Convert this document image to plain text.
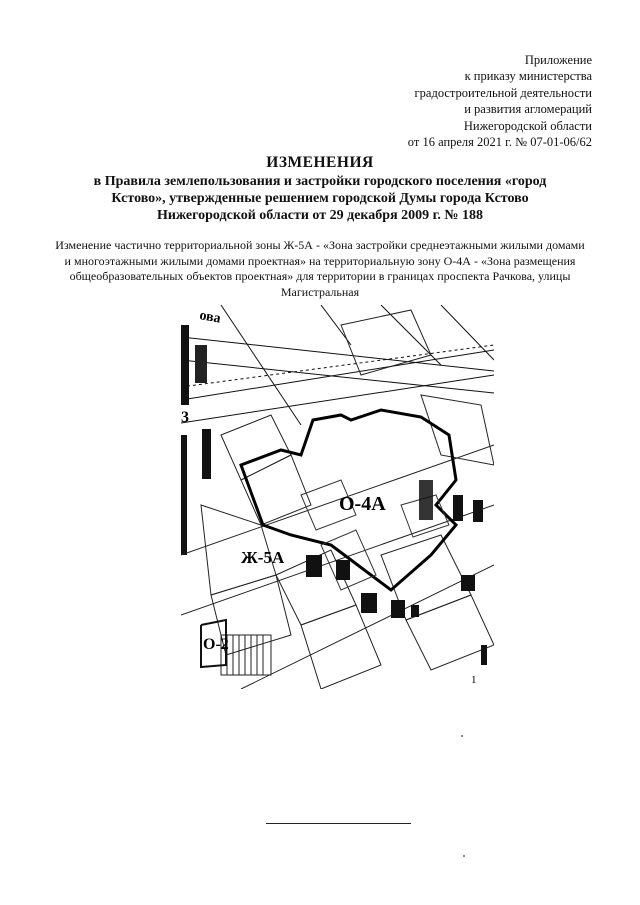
Приложение
к приказу министерства
градостроительной деятельности
и развития агломераций
Нижегородской области
от 16 апреля 2021 г. № 07-01-06/62
ИЗМЕНЕНИЯ
в Правила землепользования и застройки городского поселения «город Кстово», утвержденные решением городской Думы города Кстово Нижегородской области от 29 декабря 2009 г. № 188
Изменение частично территориальной зоны Ж-5А - «Зона застройки среднеэтажными жилыми домами и многоэтажными жилыми домами проектная» на территориальную зону О-4А - «Зона размещения общеобразовательных объектов проектная» для территории в границах проспекта Рачкова, улицы Магистральная
О-4А
Ж-5А
О-2
3
ова
1
